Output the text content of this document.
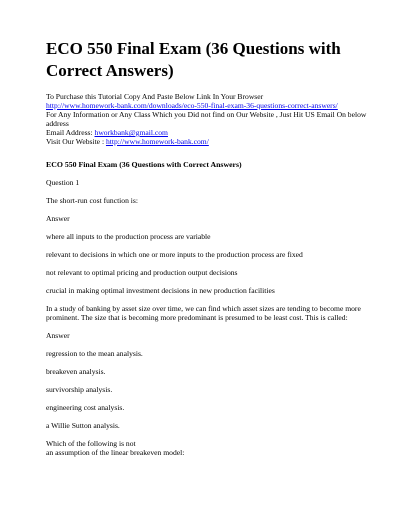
ECO 550 Final Exam (36 Questions with Correct Answers)
To Purchase this Tutorial Copy And Paste Below Link In Your Browser
http://www.homework-bank.com/downloads/eco-550-final-exam-36-questions-correct-answers/
For Any Information or Any Class Which you Did not find on Our Website , Just Hit US Email On below address
Email Address: hworkbank@gmail.com
Visit Our Website : http://www.homework-bank.com/
ECO 550 Final Exam (36 Questions with Correct Answers)

Question 1

The short-run cost function is:

Answer

where all inputs to the production process are variable

relevant to decisions in which one or more inputs to the production process are fixed

not relevant to optimal pricing and production output decisions

crucial in making optimal investment decisions in new production facilities

In a study of banking by asset size over time, we can find which asset sizes are tending to become more prominent. The size that is becoming more predominant is presumed to be least cost. This is called:

Answer

regression to the mean analysis.

breakeven analysis.

survivorship analysis.

engineering cost analysis.

a Willie Sutton analysis.

Which of the following is not
an assumption of the linear breakeven model:
